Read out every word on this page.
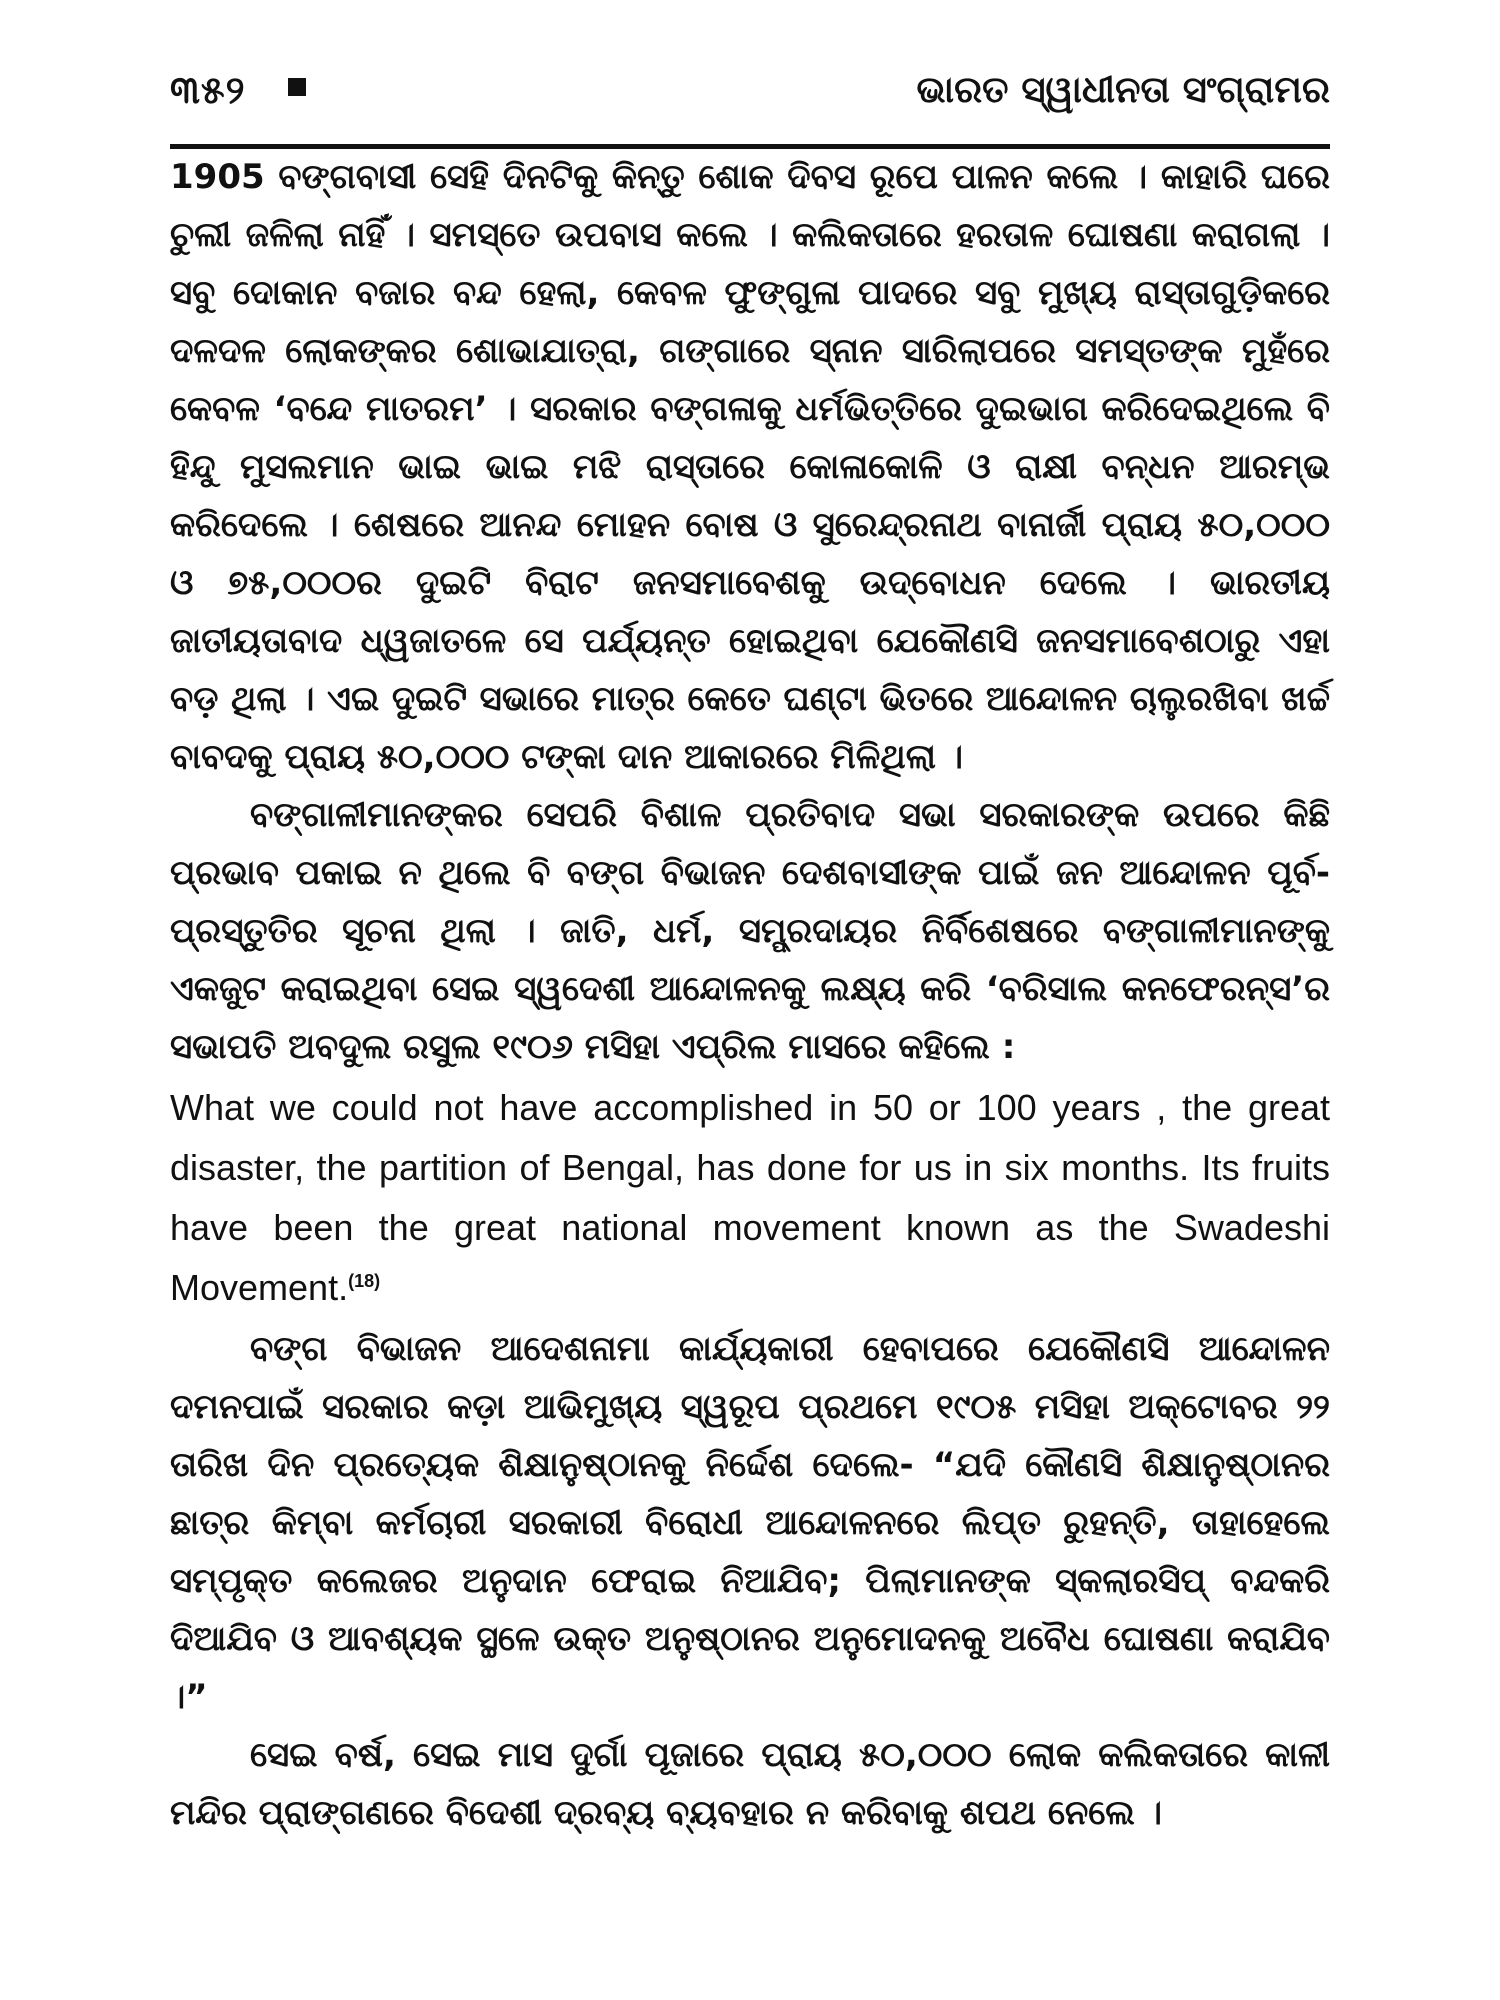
୩୫୨	ଭାରତ ସ୍ୱାଧୀନତା ସଂଗ୍ରାମର

1905 ବଙ୍ଗବାସୀ ସେହି ଦିନଟିକୁ କିନ୍ତୁ ଶୋକ ଦିବସ ରୂପେ ପାଳନ କଲେ । କାହାରି ଘରେ ଚୁଲୀ ଜଳିଲା ନାହିଁ । ସମସ୍ତେ ଉପବାସ କଲେ । କଲିକତାରେ ହରତାଳ ଘୋଷଣା କରାଗଲା । ସବୁ ଦୋକାନ ବଜାର ବନ୍ଦ ହେଲା, କେବଳ ଫୁଙ୍ଗୁଳା ପାଦରେ ସବୁ ମୁଖ୍ୟ ରାସ୍ତାଗୁଡ଼ିକରେ ଦଳଦଳ ଲୋକଙ୍କର ଶୋଭାଯାତ୍ରା, ଗଙ୍ଗାରେ ସ୍ନାନ ସାରିଲାପରେ ସମସ୍ତଙ୍କ ମୁହଁରେ କେବଳ ‘ବନ୍ଦେ ମାତରମ’ । ସରକାର ବଙ୍ଗଳାକୁ ଧର୍ମଭିତ୍ତିରେ ଦୁଇଭାଗ କରିଦେଇଥିଲେ ବି ହିନ୍ଦୁ ମୁସଲମାନ ଭାଇ ଭାଇ ମଝି ରାସ୍ତାରେ କୋଳାକୋଳି ଓ ରାକ୍ଷୀ ବନ୍ଧନ ଆରମ୍ଭ କରିଦେଲେ । ଶେଷରେ ଆନନ୍ଦ ମୋହନ ବୋଷ ଓ ସୁରେନ୍ଦ୍ରନାଥ ବାନାର୍ଜୀ ପ୍ରାୟ ୫୦,୦୦୦ ଓ ୭୫,୦୦୦ର ଦୁଇଟି ବିରାଟ ଜନସମାବେଶକୁ ଉଦ୍‌ବୋଧନ ଦେଲେ । ଭାରତୀୟ ଜାତୀୟତାବାଦ ଧ୍ୱଜାତଳେ ସେ ପର୍ଯ୍ୟନ୍ତ ହୋଇଥିବା ଯେକୌଣସି ଜନସମାବେଶଠାରୁ ଏହା ବଡ଼ ଥିଲା । ଏଇ ଦୁଇଟି ସଭାରେ ମାତ୍ର କେତେ ଘଣ୍ଟା ଭିତରେ ଆନ୍ଦୋଳନ ଚାଲୁରଖିବା ଖର୍ଚ୍ଚ ବାବଦକୁ ପ୍ରାୟ ୫୦,୦୦୦ ଟଙ୍କା ଦାନ ଆକାରରେ ମିଳିଥିଲା ।

ବଙ୍ଗାଳୀମାନଙ୍କର ସେପରି ବିଶାଳ ପ୍ରତିବାଦ ସଭା ସରକାରଙ୍କ ଉପରେ କିଛି ପ୍ରଭାବ ପକାଇ ନ ଥିଲେ ବି ବଙ୍ଗ ବିଭାଜନ ଦେଶବାସୀଙ୍କ ପାଇଁ ଜନ ଆନ୍ଦୋଳନ ପୂର୍ବ-ପ୍ରସ୍ତୁତିର ସୂଚନା ଥିଲା । ଜାତି, ଧର୍ମ, ସମ୍ପ୍ରଦାୟର ନିର୍ବିଶେଷରେ ବଙ୍ଗାଳୀମାନଙ୍କୁ ଏକଜୁଟ କରାଇଥିବା ସେଇ ସ୍ୱଦେଶୀ ଆନ୍ଦୋଳନକୁ ଲକ୍ଷ୍ୟ କରି ‘ବରିସାଲ କନଫେରନ୍ସ’ର ସଭାପତି ଅବଦୁଲ ରସୁଲ ୧୯୦୬ ମସିହା ଏପ୍ରିଲ ମାସରେ କହିଲେ :

What we could not have accomplished in 50 or 100 years , the great disaster, the partition of Bengal, has done for us in six months. Its fruits have been the great national movement known as the Swadeshi Movement.$^{(18)}$

ବଙ୍ଗ ବିଭାଜନ ଆଦେଶନାମା କାର୍ଯ୍ୟକାରୀ ହେବାପରେ ଯେକୌଣସି ଆନ୍ଦୋଳନ ଦମନପାଇଁ ସରକାର କଡ଼ା ଆଭିମୁଖ୍ୟ ସ୍ୱରୂପ ପ୍ରଥମେ ୧୯୦୫ ମସିହା ଅକ୍ଟୋବର ୨୨ ତାରିଖ ଦିନ ପ୍ରତ୍ୟେକ ଶିକ୍ଷାନୁଷ୍ଠାନକୁ ନିର୍ଦ୍ଦେଶ ଦେଲେ- “ଯଦି କୌଣସି ଶିକ୍ଷାନୁଷ୍ଠାନର ଛାତ୍ର କିମ୍ବା କର୍ମଚାରୀ ସରକାରୀ ବିରୋଧୀ ଆନ୍ଦୋଳନରେ ଲିପ୍ତ ରୁହନ୍ତି, ତାହାହେଲେ ସମ୍ପୃକ୍ତ କଲେଜର ଅନୁଦାନ ଫେରାଇ ନିଆଯିବ; ପିଲାମାନଙ୍କ ସ୍କଲାରସିପ୍ ବନ୍ଦକରି ଦିଆଯିବ ଓ ଆବଶ୍ୟକ ସ୍ଥଳେ ଉକ୍ତ ଅନୁଷ୍ଠାନର ଅନୁମୋଦନକୁ ଅବୈଧ ଘୋଷଣା କରାଯିବ ।”

ସେଇ ବର୍ଷ, ସେଇ ମାସ ଦୁର୍ଗା ପୂଜାରେ ପ୍ରାୟ ୫୦,୦୦୦ ଲୋକ କଲିକତାରେ କାଳୀ ମନ୍ଦିର ପ୍ରାଙ୍ଗଣରେ ବିଦେଶୀ ଦ୍ରବ୍ୟ ବ୍ୟବହାର ନ କରିବାକୁ ଶପଥ ନେଲେ ।
